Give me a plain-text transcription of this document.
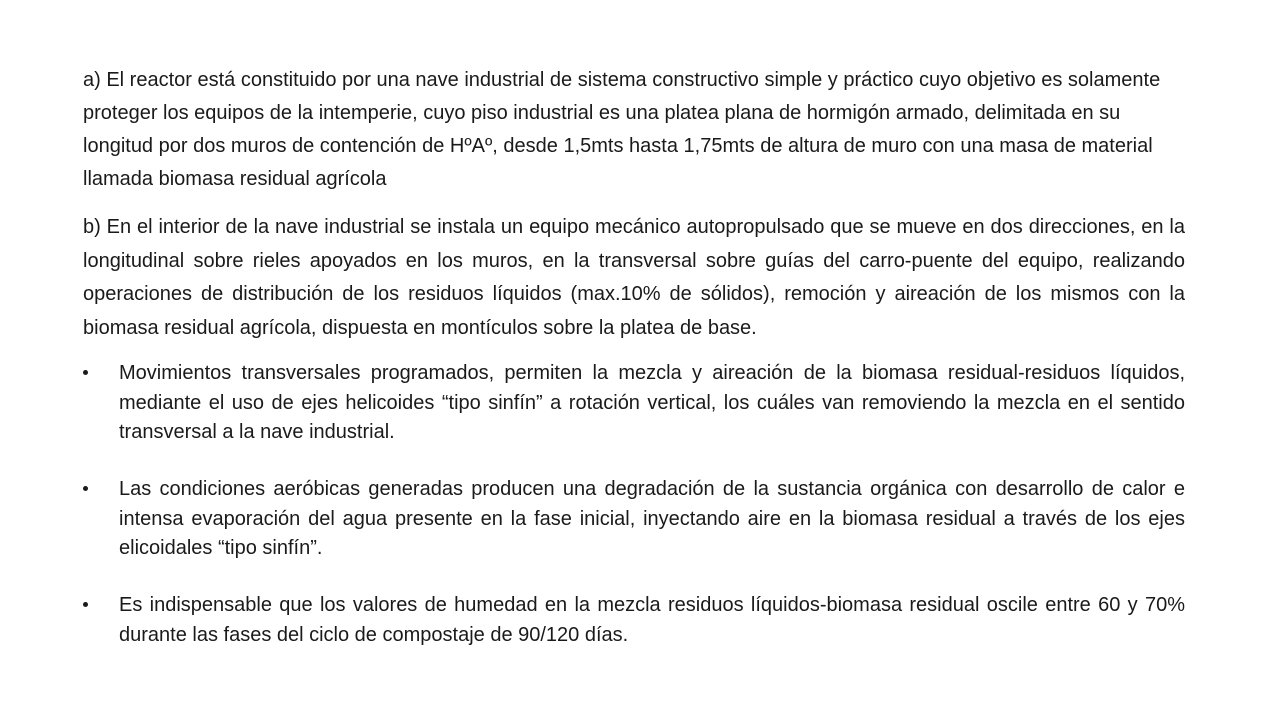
a) El reactor está constituido por una nave industrial de sistema constructivo simple y práctico cuyo objetivo es solamente proteger los equipos de la intemperie, cuyo piso industrial es una platea plana de hormigón armado, delimitada en su longitud por dos muros de contención de HºAº, desde 1,5mts hasta 1,75mts de altura de muro con una masa de material llamada biomasa residual agrícola

b) En el interior de la nave industrial se instala un equipo mecánico autopropulsado que se mueve en dos direcciones, en la longitudinal sobre rieles apoyados en los muros, en la transversal sobre guías del carro-puente del equipo, realizando operaciones de distribución de los residuos líquidos (max.10% de sólidos), remoción y aireación de los mismos con la biomasa residual agrícola, dispuesta en montículos sobre la platea de base.

Movimientos transversales programados, permiten la mezcla y aireación de la biomasa residual-residuos líquidos, mediante el uso de ejes helicoides “tipo sinfín” a rotación vertical, los cuáles van removiendo la mezcla en el sentido transversal a la nave industrial.

Las condiciones aeróbicas generadas producen una degradación de la sustancia orgánica con desarrollo de calor e intensa evaporación del agua presente en la fase inicial, inyectando aire en la biomasa residual a través de los ejes elicoidales “tipo sinfín”.

Es indispensable que los valores de humedad en la mezcla residuos líquidos-biomasa residual oscile entre 60 y 70% durante las fases del ciclo de compostaje de 90/120 días.
